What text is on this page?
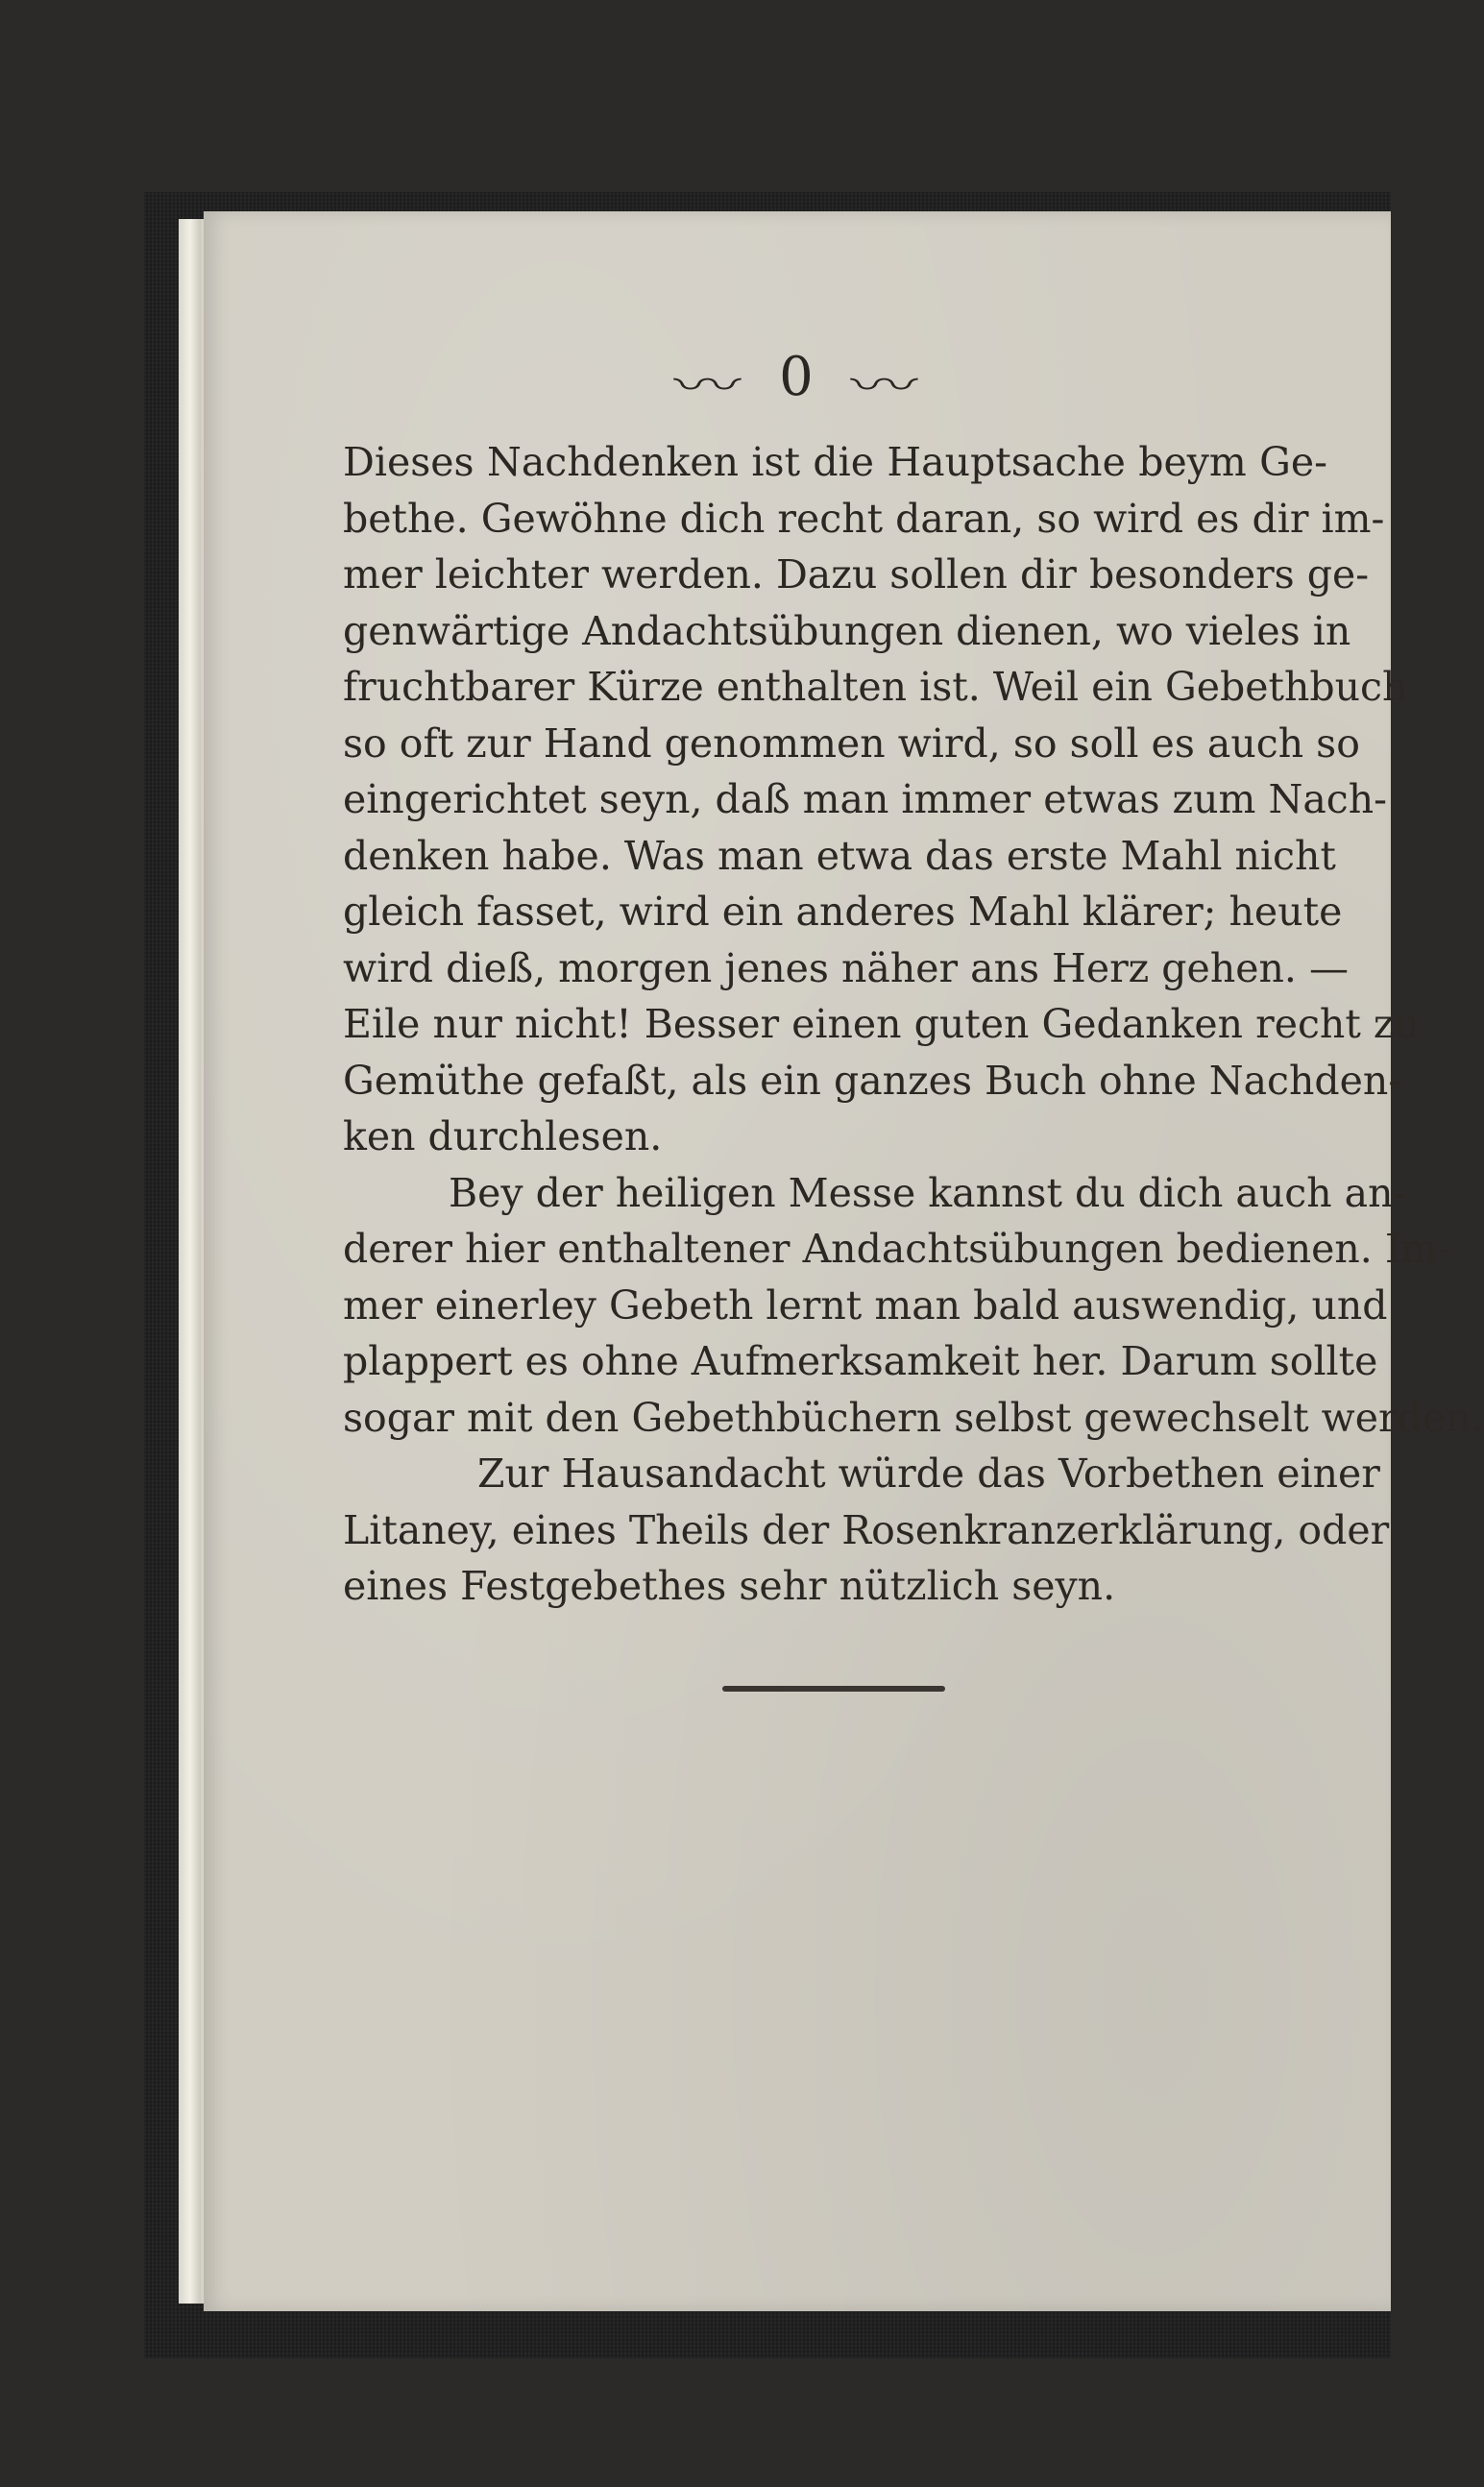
〰 0 〰
Dieses Nachdenken ist die Hauptsache beym Ge-
bethe. Gewöhne dich recht daran, so wird es dir im-
mer leichter werden. Dazu sollen dir besonders ge-
genwärtige Andachtsübungen dienen, wo vieles in
fruchtbarer Kürze enthalten ist. Weil ein Gebethbuch
so oft zur Hand genommen wird, so soll es auch so
eingerichtet seyn, daß man immer etwas zum Nach-
denken habe. Was man etwa das erste Mahl nicht
gleich fasset, wird ein anderes Mahl klärer; heute
wird dieß, morgen jenes näher ans Herz gehen. —
Eile nur nicht! Besser einen guten Gedanken recht zu
Gemüthe gefaßt, als ein ganzes Buch ohne Nachden-
ken durchlesen.
Bey der heiligen Messe kannst du dich auch an-
derer hier enthaltener Andachtsübungen bedienen. Im-
mer einerley Gebeth lernt man bald auswendig, und
plappert es ohne Aufmerksamkeit her. Darum sollte
sogar mit den Gebethbüchern selbst gewechselt werden.
Zur Hausandacht würde das Vorbethen einer
Litaney, eines Theils der Rosenkranzerklärung, oder
eines Festgebethes sehr nützlich seyn.
